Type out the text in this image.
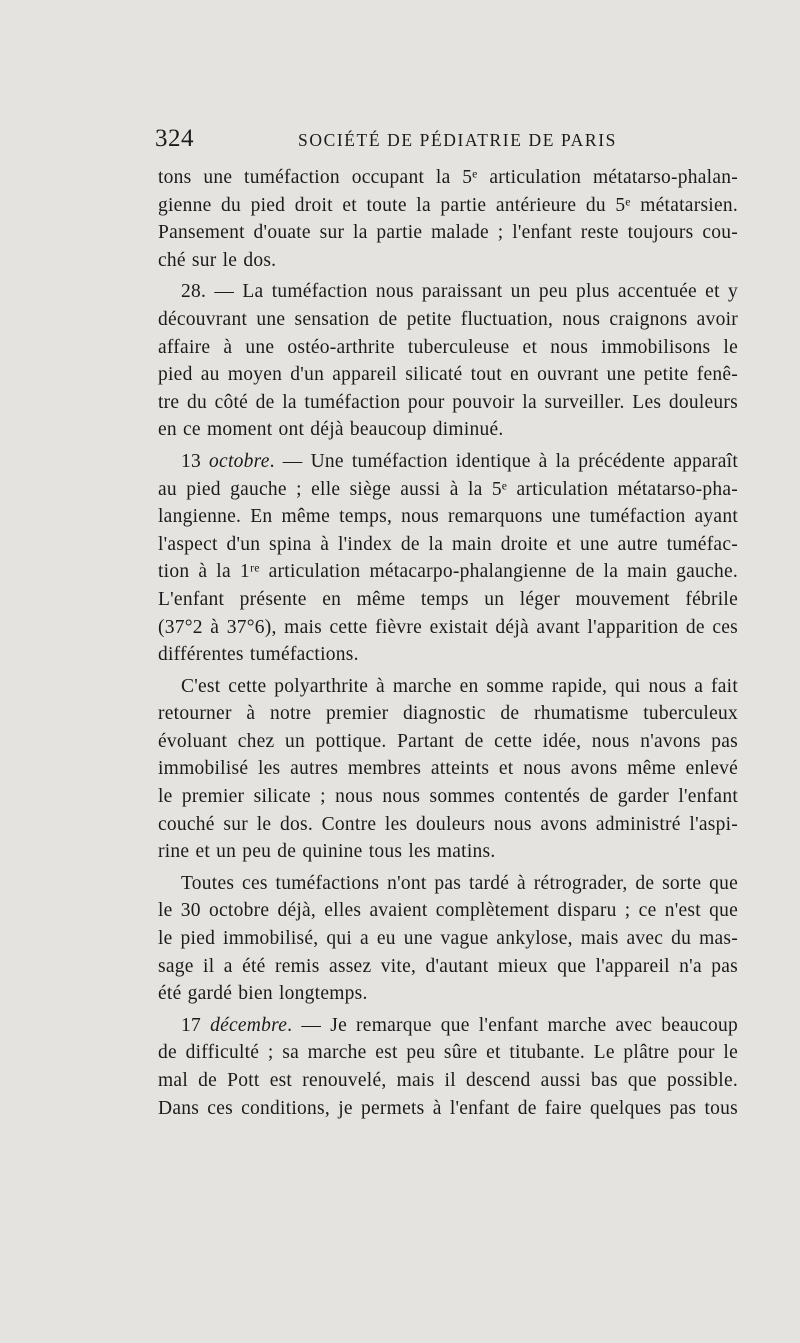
324	SOCIÉTÉ DE PÉDIATRIE DE PARIS
tons une tuméfaction occupant la 5ᵉ articulation métatarso-phalan-
gienne du pied droit et toute la partie antérieure du 5ᵉ métatarsien.
Pansement d'ouate sur la partie malade ; l'enfant reste toujours cou-
ché sur le dos.
28. — La tuméfaction nous paraissant un peu plus accentuée et y
découvrant une sensation de petite fluctuation, nous craignons avoir
affaire à une ostéo-arthrite tuberculeuse et nous immobilisons le
pied au moyen d'un appareil silicaté tout en ouvrant une petite fenê-
tre du côté de la tuméfaction pour pouvoir la surveiller. Les douleurs
en ce moment ont déjà beaucoup diminué.
13 octobre. — Une tuméfaction identique à la précédente apparaît
au pied gauche ; elle siège aussi à la 5ᵉ articulation métatarso-pha-
langienne. En même temps, nous remarquons une tuméfaction ayant
l'aspect d'un spina à l'index de la main droite et une autre tuméfac-
tion à la 1ʳᵉ articulation métacarpo-phalangienne de la main gauche.
L'enfant présente en même temps un léger mouvement fébrile
(37°2 à 37°6), mais cette fièvre existait déjà avant l'apparition de ces
différentes tuméfactions.
C'est cette polyarthrite à marche en somme rapide, qui nous a fait
retourner à notre premier diagnostic de rhumatisme tuberculeux
évoluant chez un pottique. Partant de cette idée, nous n'avons pas
immobilisé les autres membres atteints et nous avons même enlevé
le premier silicate ; nous nous sommes contentés de garder l'enfant
couché sur le dos. Contre les douleurs nous avons administré l'aspi-
rine et un peu de quinine tous les matins.
Toutes ces tuméfactions n'ont pas tardé à rétrograder, de sorte que
le 30 octobre déjà, elles avaient complètement disparu ; ce n'est que
le pied immobilisé, qui a eu une vague ankylose, mais avec du mas-
sage il a été remis assez vite, d'autant mieux que l'appareil n'a pas
été gardé bien longtemps.
17 décembre. — Je remarque que l'enfant marche avec beaucoup
de difficulté ; sa marche est peu sûre et titubante. Le plâtre pour le
mal de Pott est renouvelé, mais il descend aussi bas que possible.
Dans ces conditions, je permets à l'enfant de faire quelques pas tous
